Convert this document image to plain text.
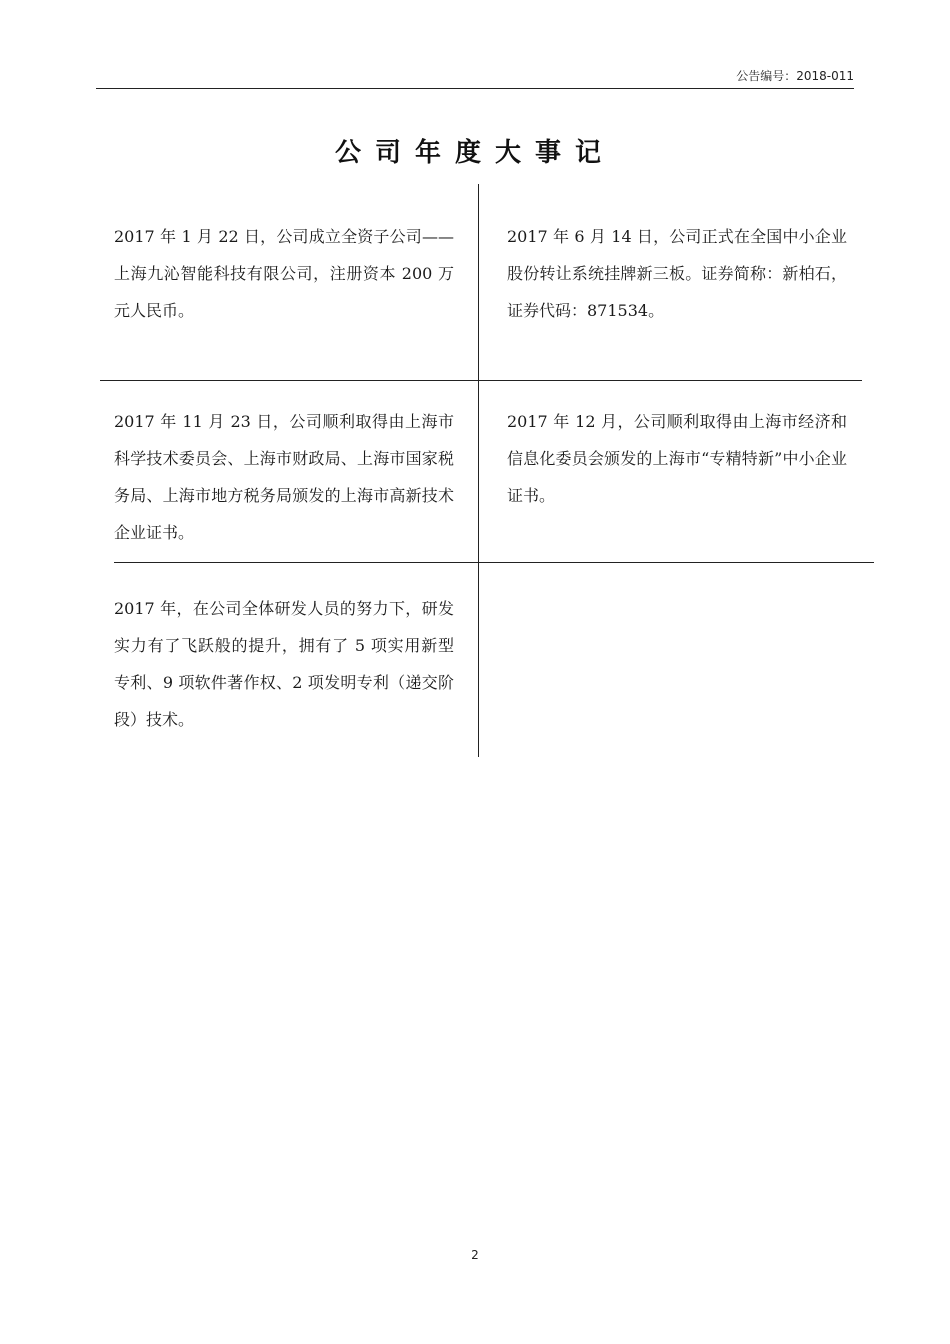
公告编号：2018-011
公司年度大事记
2017 年 1 月 22 日，公司成立全资子公司——上海九沁智能科技有限公司，注册资本 200 万元人民币。
2017 年 6 月 14 日，公司正式在全国中小企业股份转让系统挂牌新三板。证券简称：新柏石，证券代码：871534。
2017 年 11 月 23 日，公司顺利取得由上海市科学技术委员会、上海市财政局、上海市国家税务局、上海市地方税务局颁发的上海市高新技术企业证书。
2017 年 12 月，公司顺利取得由上海市经济和信息化委员会颁发的上海市“专精特新”中小企业证书。
2017 年，在公司全体研发人员的努力下，研发实力有了飞跃般的提升，拥有了 5 项实用新型专利、9 项软件著作权、2 项发明专利（递交阶段）技术。
2
